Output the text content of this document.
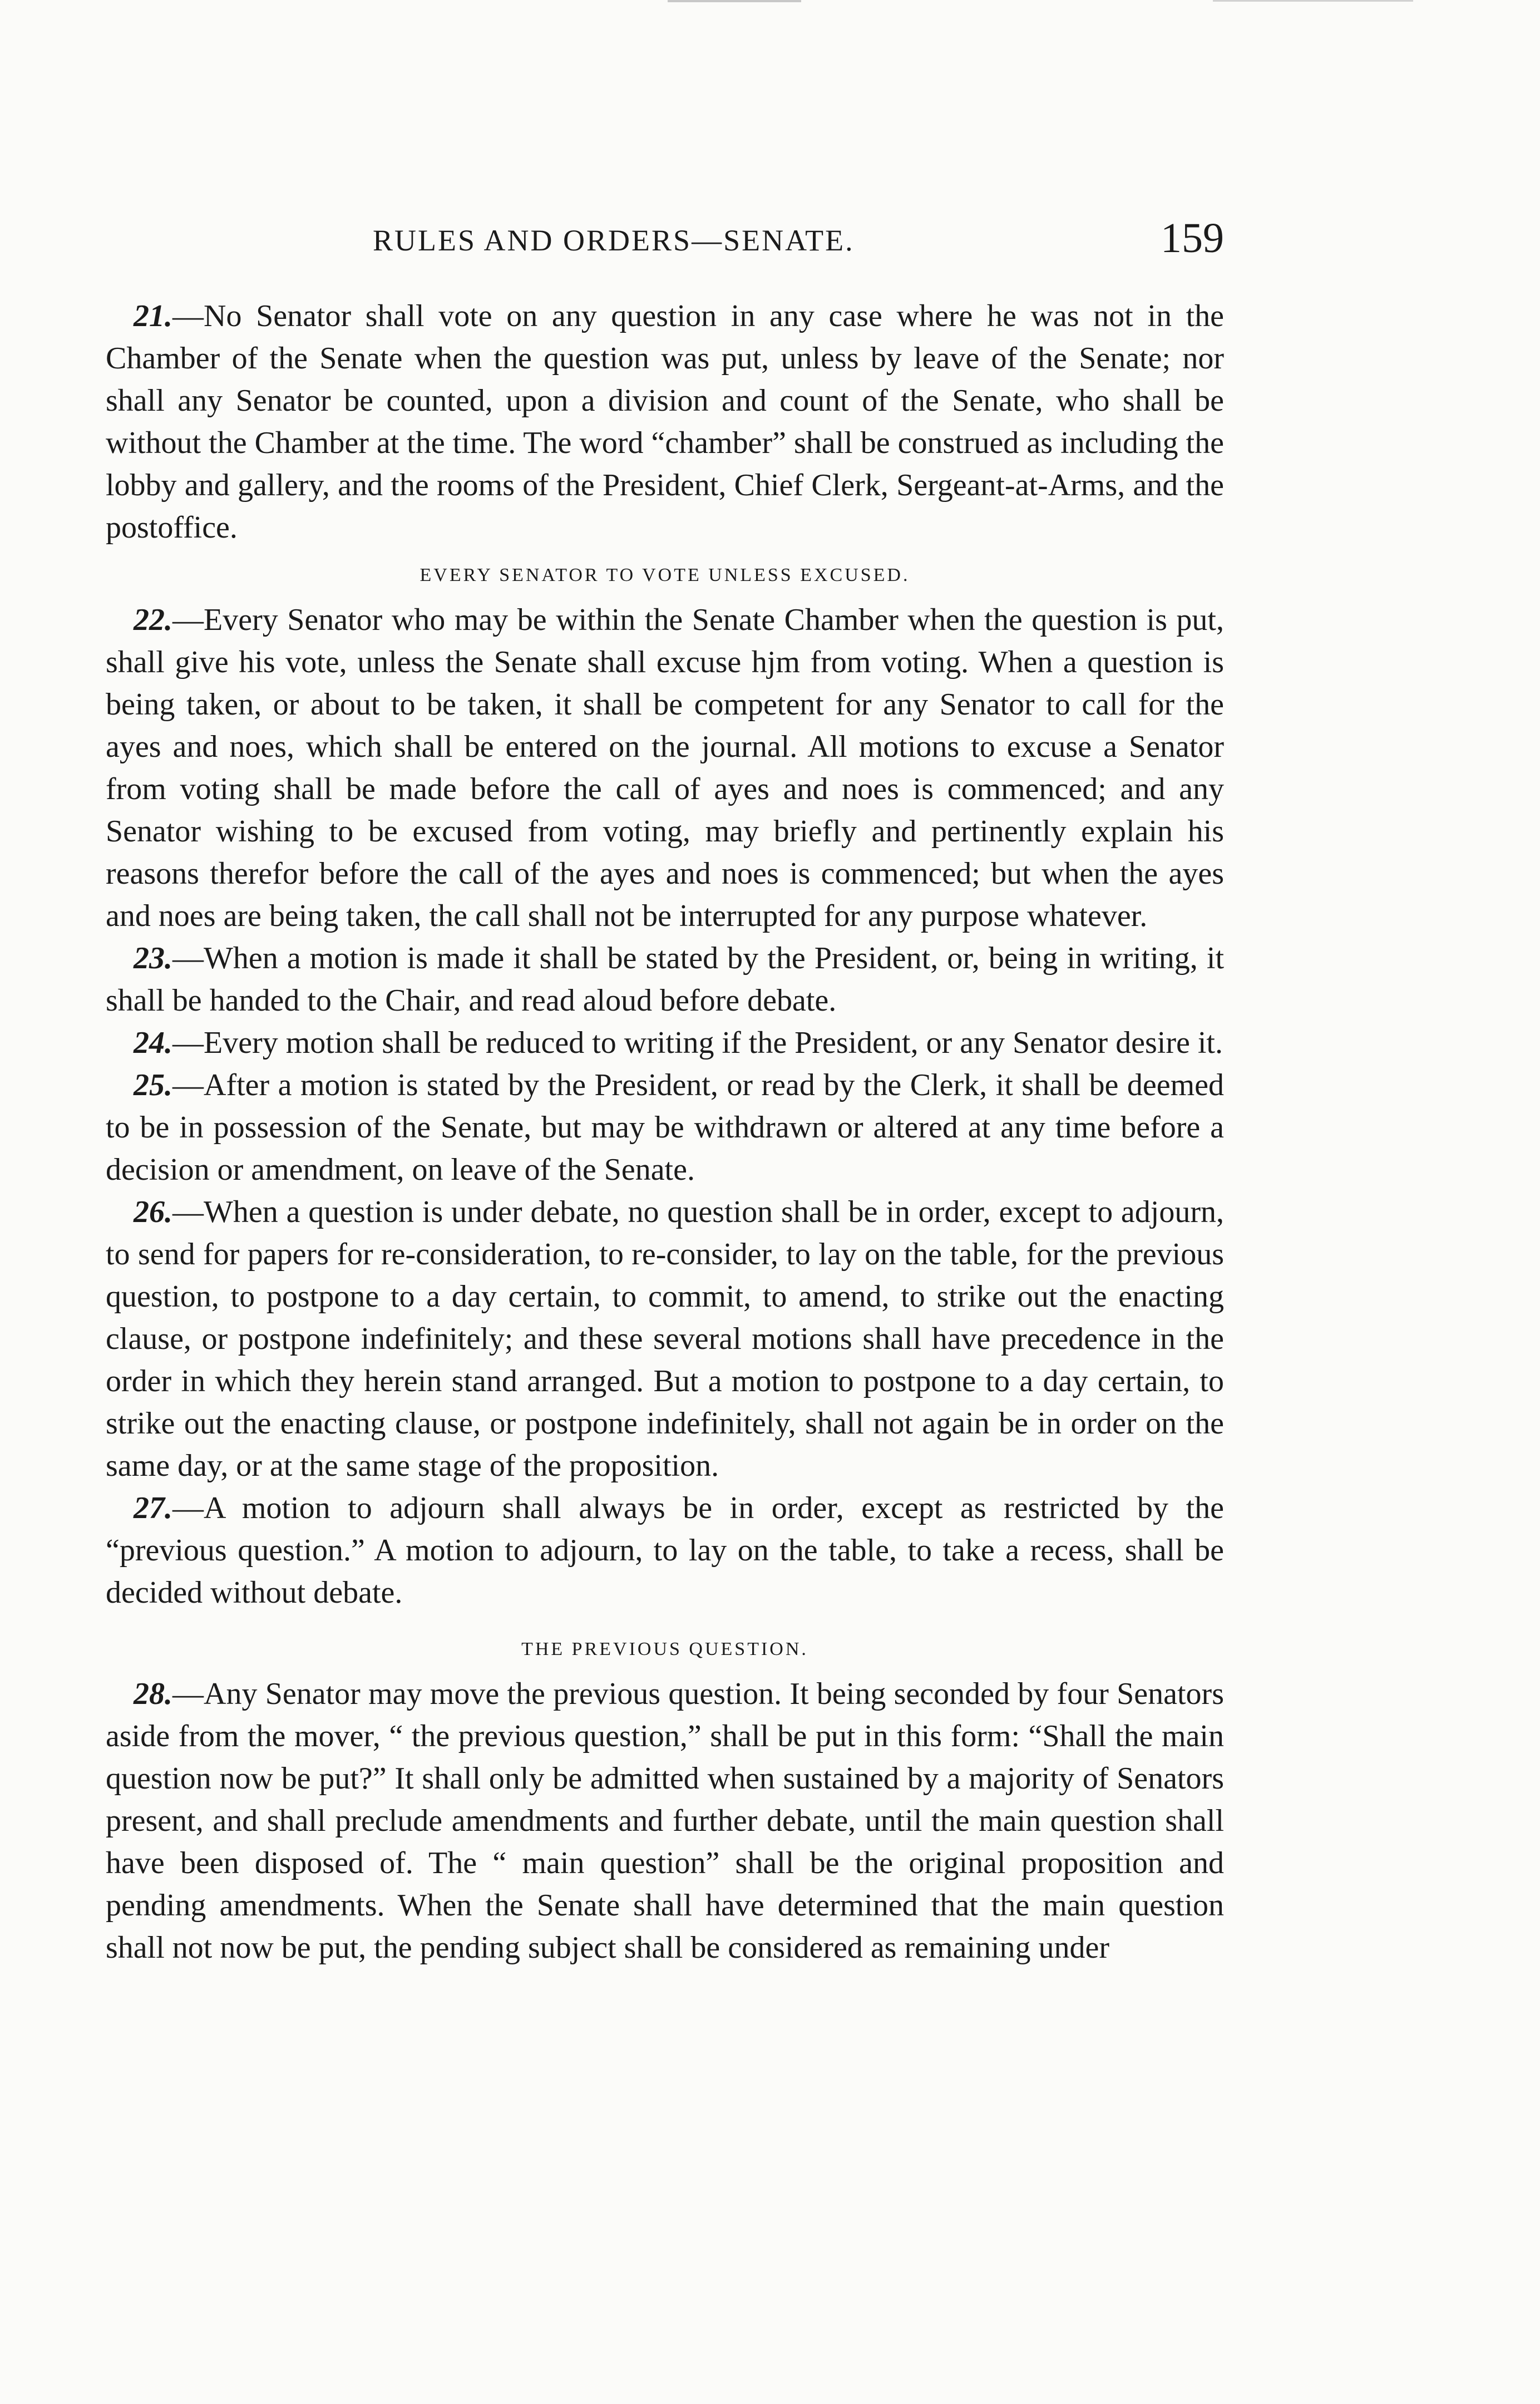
RULES AND ORDERS—SENATE.	159

21.—No Senator shall vote on any question in any case where he was not in the Chamber of the Senate when the question was put, unless by leave of the Senate; nor shall any Senator be counted, upon a division and count of the Senate, who shall be without the Chamber at the time. The word “chamber” shall be construed as including the lobby and gallery, and the rooms of the President, Chief Clerk, Sergeant-at-Arms, and the postoffice.

EVERY SENATOR TO VOTE UNLESS EXCUSED.

22.—Every Senator who may be within the Senate Chamber when the question is put, shall give his vote, unless the Senate shall excuse hjm from voting. When a question is being taken, or about to be taken, it shall be competent for any Senator to call for the ayes and noes, which shall be entered on the journal. All motions to excuse a Senator from voting shall be made before the call of ayes and noes is commenced; and any Senator wishing to be excused from voting, may briefly and pertinently explain his reasons therefor before the call of the ayes and noes is commenced; but when the ayes and noes are being taken, the call shall not be interrupted for any purpose whatever.

23.—When a motion is made it shall be stated by the President, or, being in writing, it shall be handed to the Chair, and read aloud before debate.

24.—Every motion shall be reduced to writing if the President, or any Senator desire it.

25.—After a motion is stated by the President, or read by the Clerk, it shall be deemed to be in possession of the Senate, but may be withdrawn or altered at any time before a decision or amendment, on leave of the Senate.

26.—When a question is under debate, no question shall be in order, except to adjourn, to send for papers for re-consideration, to re-consider, to lay on the table, for the previous question, to postpone to a day certain, to commit, to amend, to strike out the enacting clause, or postpone indefinitely; and these several motions shall have precedence in the order in which they herein stand arranged. But a motion to postpone to a day certain, to strike out the enacting clause, or postpone indefinitely, shall not again be in order on the same day, or at the same stage of the proposition.

27.—A motion to adjourn shall always be in order, except as restricted by the “previous question.” A motion to adjourn, to lay on the table, to take a recess, shall be decided without debate.

THE PREVIOUS QUESTION.

28.—Any Senator may move the previous question. It being seconded by four Senators aside from the mover, “ the previous question,” shall be put in this form: “Shall the main question now be put?” It shall only be admitted when sustained by a majority of Senators present, and shall preclude amendments and further debate, until the main question shall have been disposed of. The “ main question” shall be the original proposition and pending amendments. When the Senate shall have determined that the main question shall not now be put, the pending subject shall be considered as remaining under
